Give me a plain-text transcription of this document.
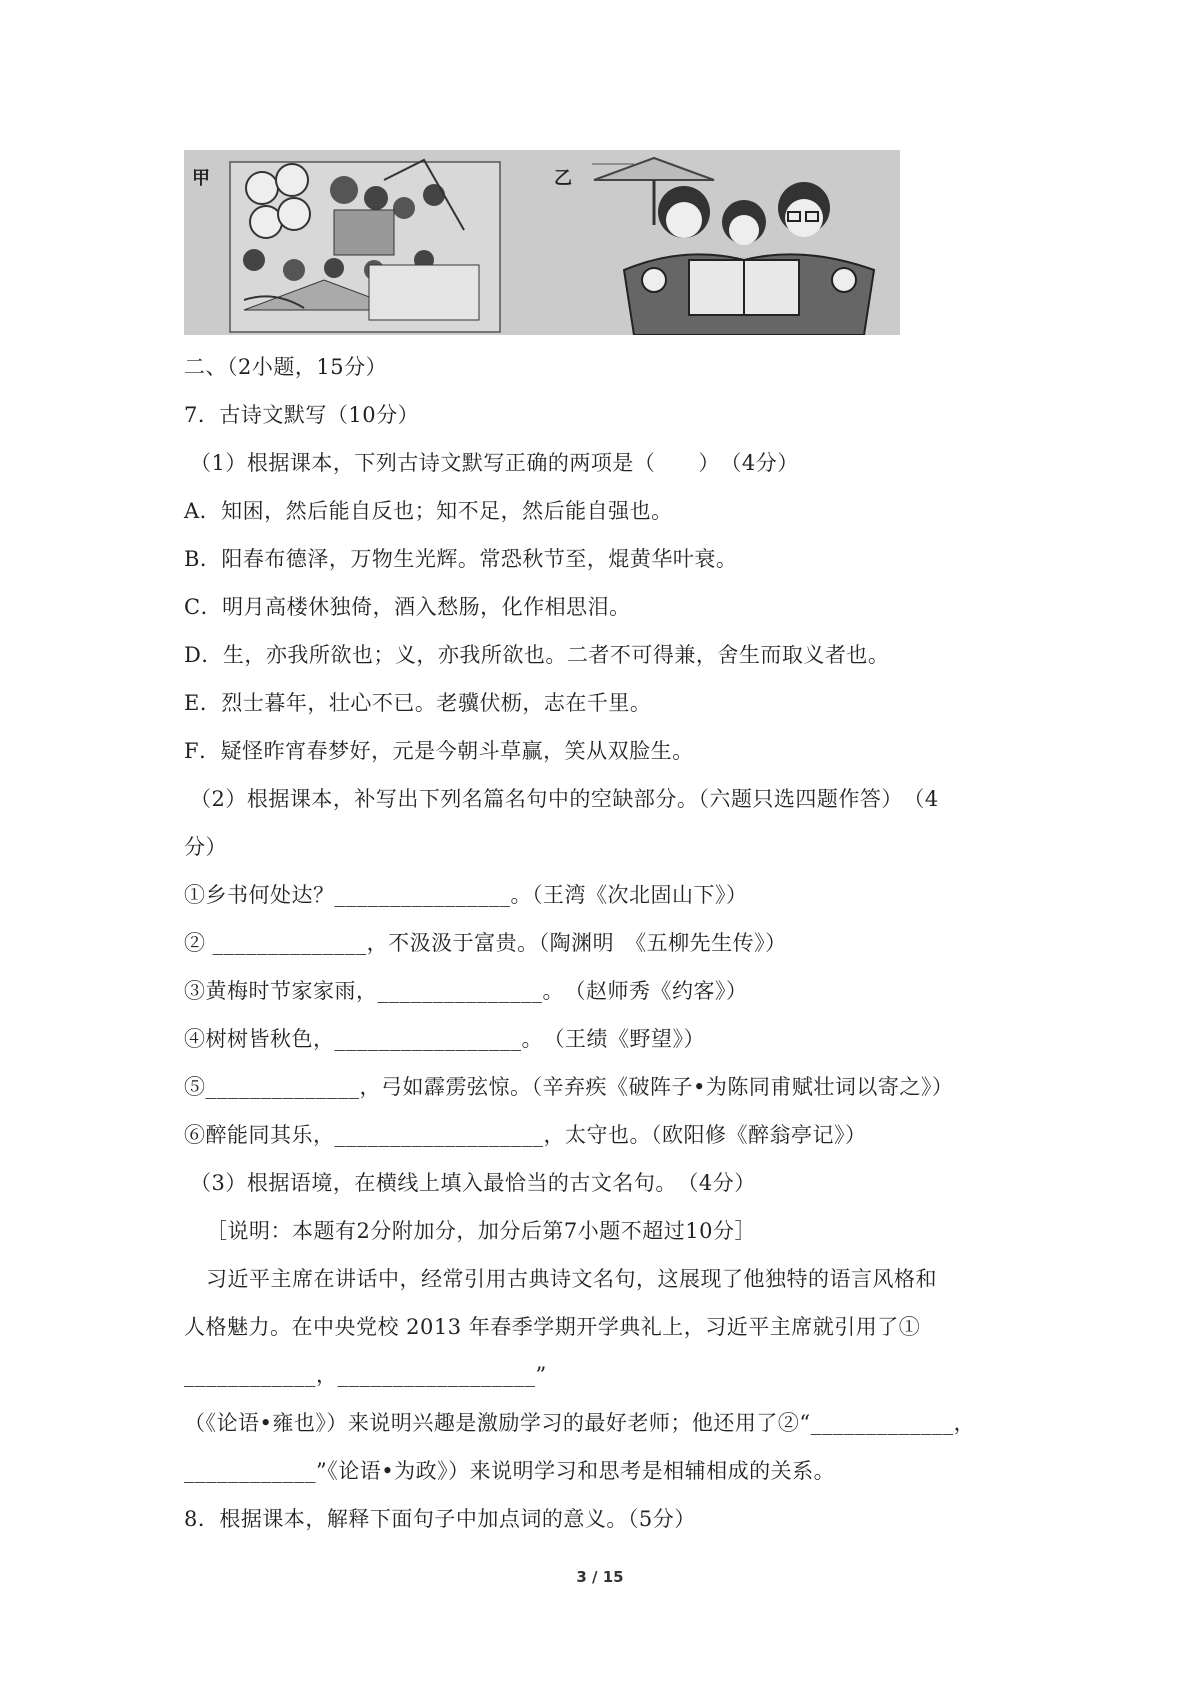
甲	乙
二、（2小题，15分）
7．古诗文默写（10分）
（1）根据课本，下列古诗文默写正确的两项是（　　）　（4分）
A．知困，然后能自反也；知不足，然后能自强也。
B．阳春布德泽，万物生光辉。常恐秋节至，焜黄华叶衰。
C．明月高楼休独倚，酒入愁肠，化作相思泪。
D．生，亦我所欲也；义，亦我所欲也。二者不可得兼，舍生而取义者也。
E．烈士暮年，壮心不已。老骥伏枥，志在千里。
F．疑怪昨宵春梦好，元是今朝斗草赢，笑从双脸生。
（2）根据课本，补写出下列名篇名句中的空缺部分。（六题只选四题作答）　（4
分）
①乡书何处达？________________。（王湾《次北固山下》）
② ______________，不汲汲于富贵。（陶渊明　《五柳先生传》）
③黄梅时节家家雨，_______________。　（赵师秀《约客》）
④树树皆秋色，_________________。　（王绩《野望》）
⑤______________，弓如霹雳弦惊。（辛弃疾《破阵子•为陈同甫赋壮词以寄之》）
⑥醉能同其乐，___________________，太守也。（欧阳修《醉翁亭记》）
（3）根据语境，在横线上填入最恰当的古文名句。　（4分）
［说明：本题有2分附加分，加分后第7小题不超过10分］
习近平主席在讲话中，经常引用古典诗文名句，这展现了他独特的语言风格和
人格魅力。在中央党校 2013 年春季学期开学典礼上，习近平主席就引用了①
____________，__________________”
（《论语•雍也》）来说明兴趣是激励学习的最好老师；他还用了②“_____________，
____________”《论语•为政》）来说明学习和思考是相辅相成的关系。
8．根据课本，解释下面句子中加点词的意义。（5分）
3 / 15
